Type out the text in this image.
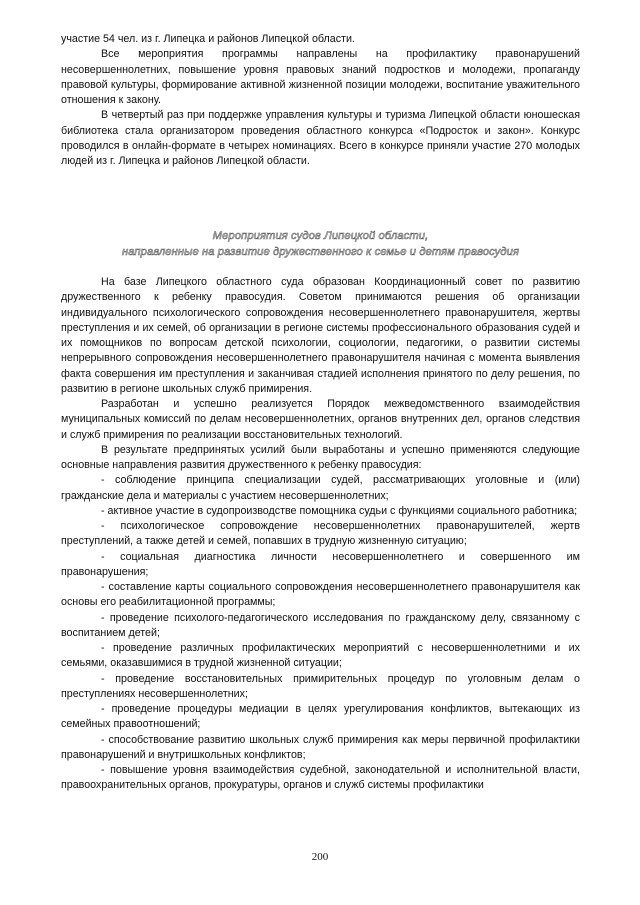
участие 54 чел. из г. Липецка и районов Липецкой области.

Все мероприятия программы направлены на профилактику правонарушений несовершеннолетних, повышение уровня правовых знаний подростков и молодежи, пропаганду правовой культуры, формирование активной жизненной позиции молодежи, воспитание уважительного отношения к закону.

В четвертый раз при поддержке управления культуры и туризма Липецкой области юношеская библиотека стала организатором проведения областного конкурса «Подросток и закон». Конкурс проводился в онлайн-формате в четырех номинациях. Всего в конкурсе приняли участие 270 молодых людей из г. Липецка и районов Липецкой области.

Мероприятия судов Липецкой области,
направленные на развитие дружественного к семье и детям правосудия

На базе Липецкого областного суда образован Координационный совет по развитию дружественного к ребенку правосудия. Советом принимаются решения об организации индивидуального психологического сопровождения несовершеннолетнего правонарушителя, жертвы преступления и их семей, об организации в регионе системы профессионального образования судей и их помощников по вопросам детской психологии, социологии, педагогики, о развитии системы непрерывного сопровождения несовершеннолетнего правонарушителя начиная с момента выявления факта совершения им преступления и заканчивая стадией исполнения принятого по делу решения, по развитию в регионе школьных служб примирения.

Разработан и успешно реализуется Порядок межведомственного взаимодействия муниципальных комиссий по делам несовершеннолетних, органов внутренних дел, органов следствия и служб примирения по реализации восстановительных технологий.

В результате предпринятых усилий были выработаны и успешно применяются следующие основные направления развития дружественного к ребенку правосудия:

- соблюдение принципа специализации судей, рассматривающих уголовные и (или) гражданские дела и материалы с участием несовершеннолетних;

- активное участие в судопроизводстве помощника судьи с функциями социального работника;

- психологическое сопровождение несовершеннолетних правонарушителей, жертв преступлений, а также детей и семей, попавших в трудную жизненную ситуацию;

- социальная диагностика личности несовершеннолетнего и совершенного им правонарушения;

- составление карты социального сопровождения несовершеннолетнего правонарушителя как основы его реабилитационной программы;

- проведение психолого-педагогического исследования по гражданскому делу, связанному с воспитанием детей;

- проведение различных профилактических мероприятий с несовершеннолетними и их семьями, оказавшимися в трудной жизненной ситуации;

- проведение восстановительных примирительных процедур по уголовным делам о преступлениях несовершеннолетних;

- проведение процедуры медиации в целях урегулирования конфликтов, вытекающих из семейных правоотношений;

- способствование развитию школьных служб примирения как меры первичной профилактики правонарушений и внутришкольных конфликтов;

- повышение уровня взаимодействия судебной, законодательной и исполнительной власти, правоохранительных органов, прокуратуры, органов и служб системы профилактики

200
